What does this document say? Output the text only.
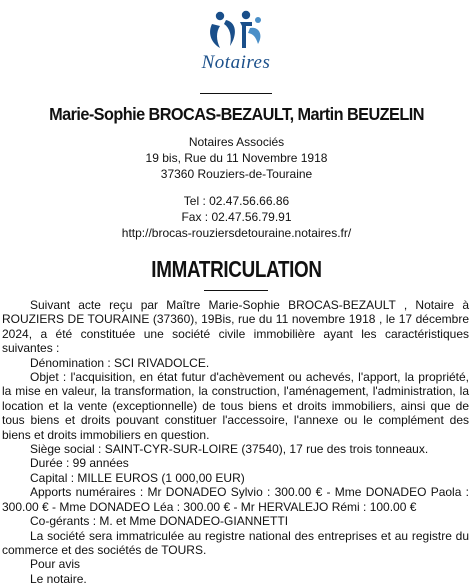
Notaires
Marie-Sophie BROCAS-BEZAULT, Martin BEUZELIN
Notaires Associés
19 bis, Rue du 11 Novembre 1918
37360 Rouziers-de-Touraine
Tel : 02.47.56.66.86
Fax : 02.47.56.79.91
http://brocas-rouziersdetouraine.notaires.fr/
IMMATRICULATION

Suivant acte reçu par Maître Marie-Sophie BROCAS-BEZAULT , Notaire à ROUZIERS DE TOURAINE (37360), 19Bis, rue du 11 novembre 1918 , le 17 décembre 2024, a été constituée une société civile immobilière ayant les caractéristiques suivantes :

Dénomination : SCI RIVADOLCE.

Objet : l'acquisition, en état futur d'achèvement ou achevés, l'apport, la propriété, la mise en valeur, la transformation, la construction, l'aménagement, l'administration, la location et la vente (exceptionnelle) de tous biens et droits immobiliers, ainsi que de tous biens et droits pouvant constituer l'accessoire, l'annexe ou le complément des biens et droits immobiliers en question.

Siège social : SAINT-CYR-SUR-LOIRE (37540), 17 rue des trois tonneaux.

Durée : 99 années

Capital : MILLE EUROS (1 000,00 EUR)

Apports numéraires : Mr DONADEO Sylvio : 300.00 € - Mme DONADEO Paola : 300.00 € - Mme DONADEO Léa : 300.00 € - Mr HERVALEJO Rémi : 100.00 €

Co-gérants : M. et Mme DONADEO-GIANNETTI

La société sera immatriculée au registre national des entreprises et au registre du commerce et des sociétés de TOURS.

Pour avis

Le notaire.
